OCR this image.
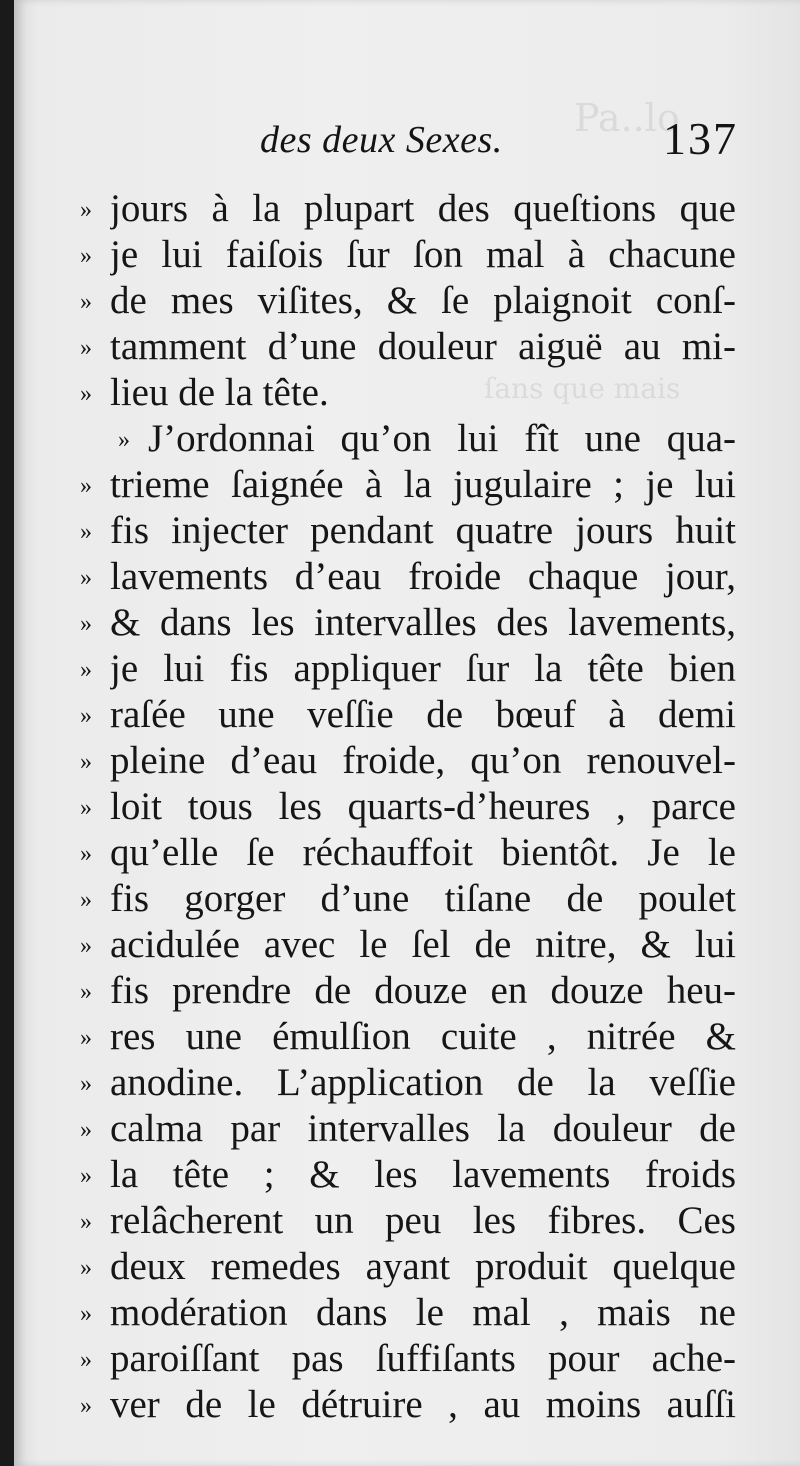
Pa..lo
ſans que mais
des deux Sexes.	137
» jours à la plupart des queſtions que
» je lui faiſois ſur ſon mal à chacune
» de mes viſites, & ſe plaignoit conſ-
» tamment d’une douleur aiguë au mi-
» lieu de la tête.
» J’ordonnai qu’on lui fît une qua-
» trieme ſaignée à la jugulaire ; je lui
» fis injecter pendant quatre jours huit
» lavements d’eau froide chaque jour,
» & dans les intervalles des lavements,
» je lui fis appliquer ſur la tête bien
» raſée une veſſie de bœuf à demi
» pleine d’eau froide, qu’on renouvel-
» loit tous les quarts-d’heures , parce
» qu’elle ſe réchauffoit bientôt. Je le
» fis gorger d’une tiſane de poulet
» acidulée avec le ſel de nitre, & lui
» fis prendre de douze en douze heu-
» res une émulſion cuite , nitrée &
» anodine. L’application de la veſſie
» calma par intervalles la douleur de
» la tête ; & les lavements froids
» relâcherent un peu les fibres. Ces
» deux remedes ayant produit quelque
» modération dans le mal , mais ne
» paroiſſant pas ſuffiſants pour ache-
» ver de le détruire , au moins auſſi
